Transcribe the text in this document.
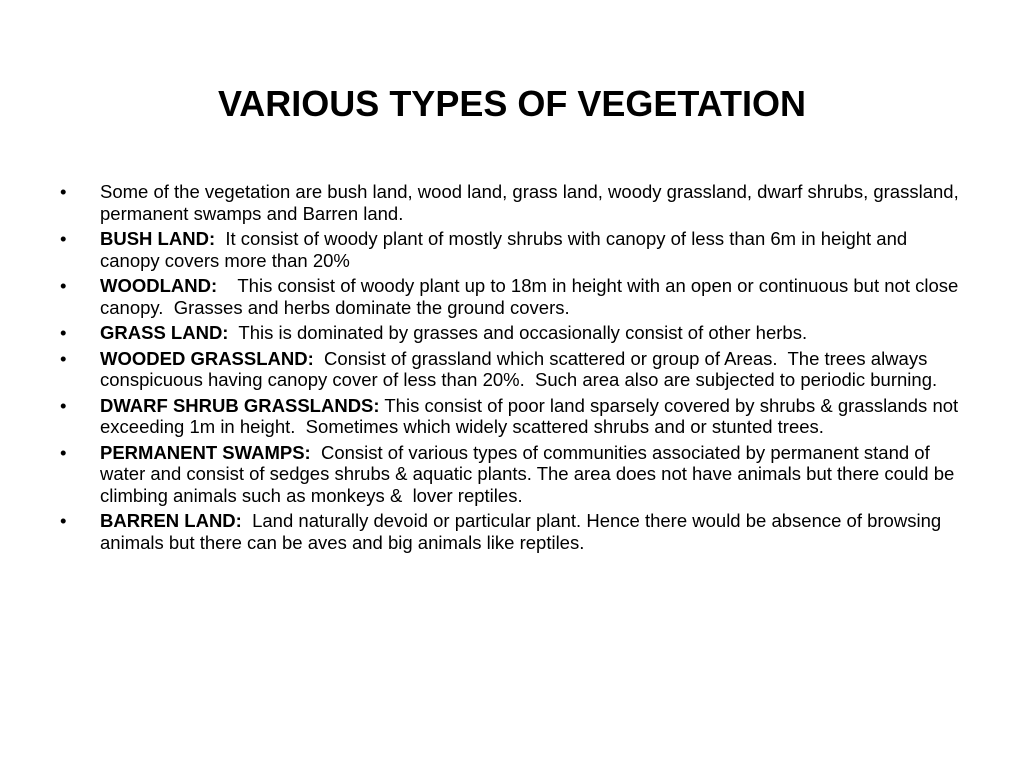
VARIOUS TYPES OF VEGETATION
• Some of the vegetation are bush land, wood land, grass land, woody grassland, dwarf shrubs, grassland, permanent swamps and Barren land.
• BUSH LAND:  It consist of woody plant of mostly shrubs with canopy of less than 6m in height and canopy covers more than 20%
• WOODLAND:    This consist of woody plant up to 18m in height with an open or continuous but not close canopy.  Grasses and herbs dominate the ground covers.
• GRASS LAND:  This is dominated by grasses and occasionally consist of other herbs.
• WOODED GRASSLAND:  Consist of grassland which scattered or group of Areas.  The trees always conspicuous having canopy cover of less than 20%.  Such area also are subjected to periodic burning.
• DWARF SHRUB GRASSLANDS: This consist of poor land sparsely covered by shrubs & grasslands not exceeding 1m in height.  Sometimes which widely scattered shrubs and or stunted trees.
• PERMANENT SWAMPS:  Consist of various types of communities associated by permanent stand of water and consist of sedges shrubs & aquatic plants. The area does not have animals but there could be climbing animals such as monkeys &  lover reptiles.
• BARREN LAND:  Land naturally devoid or particular plant. Hence there would be absence of browsing animals but there can be aves and big animals like reptiles.
